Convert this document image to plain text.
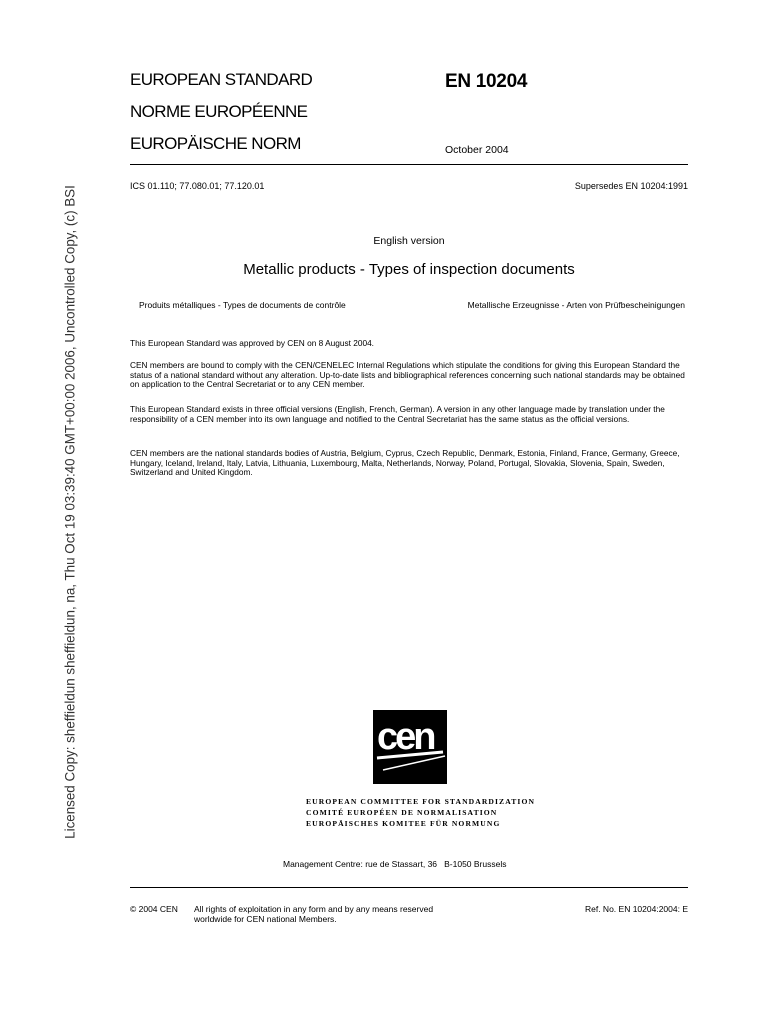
Licensed Copy: sheffieldun sheffieldun, na, Thu Oct 19 03:39:40 GMT+00:00 2006, Uncontrolled Copy, (c) BSI
EUROPEAN STANDARD
NORME EUROPÉENNE
EUROPÄISCHE NORM
EN 10204
October 2004
ICS 01.110; 77.080.01; 77.120.01	Supersedes EN 10204:1991
English version
Metallic products - Types of inspection documents
Produits métalliques - Types de documents de contrôle	Metallische Erzeugnisse - Arten von Prüfbescheinigungen
This European Standard was approved by CEN on 8 August 2004.
CEN members are bound to comply with the CEN/CENELEC Internal Regulations which stipulate the conditions for giving this European Standard the status of a national standard without any alteration. Up-to-date lists and bibliographical references concerning such national standards may be obtained on application to the Central Secretariat or to any CEN member.
This European Standard exists in three official versions (English, French, German). A version in any other language made by translation under the responsibility of a CEN member into its own language and notified to the Central Secretariat has the same status as the official versions.
CEN members are the national standards bodies of Austria, Belgium, Cyprus, Czech Republic, Denmark, Estonia, Finland, France, Germany, Greece, Hungary, Iceland, Ireland, Italy, Latvia, Lithuania, Luxembourg, Malta, Netherlands, Norway, Poland, Portugal, Slovakia, Slovenia, Spain, Sweden, Switzerland and United Kingdom.
cen
EUROPEAN COMMITTEE FOR STANDARDIZATION
COMITÉ EUROPÉEN DE NORMALISATION
EUROPÄISCHES KOMITEE FÜR NORMUNG
Management Centre: rue de Stassart, 36   B-1050 Brussels
© 2004 CEN All rights of exploitation in any form and by any means reserved
worldwide for CEN national Members.
Ref. No. EN 10204:2004: E
